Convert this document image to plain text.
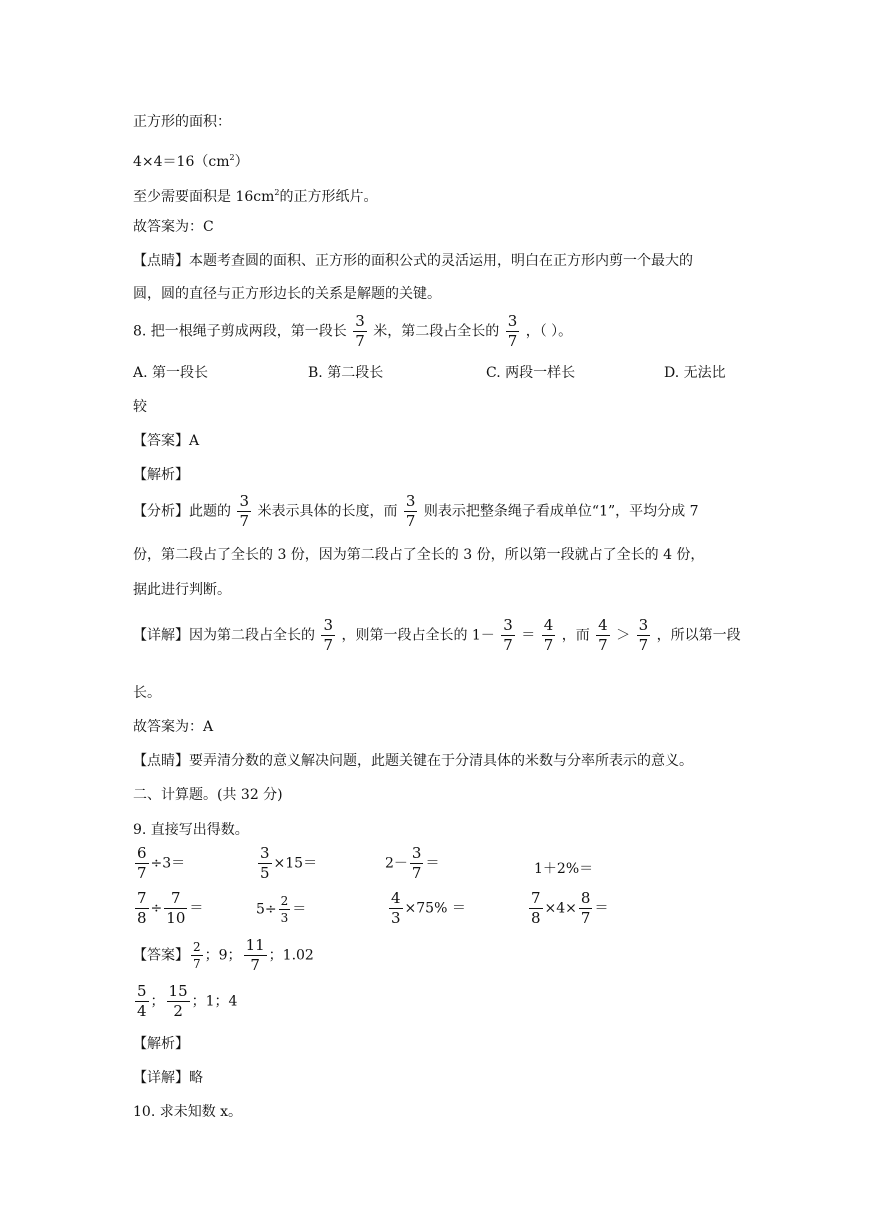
正方形的面积：
$4\times 4=16(cm^2)$
至少需要面积是 $16cm^2$的正方形纸片。
故答案为：C
【点睛】本题考查圆的面积、正方形的面积公式的灵活运用，明白在正方形内剪一个最大的
圆，圆的直径与正方形边长的关系是解题的关键。
8. 把一根绳子剪成两段，第一段长 $\frac{3}{7}$ 米，第二段占全长的 $\frac{3}{7}$ ，（ ）。
A. 第一段长	B. 第二段长	C. 两段一样长	D. 无法比
较
【答案】A
【解析】
【分析】此题的 $\frac{3}{7}$ 米表示具体的长度，而 $\frac{3}{7}$ 则表示把整条绳子看成单位“1”，平均分成 7
份，第二段占了全长的 3 份，因为第二段占了全长的 3 份，所以第一段就占了全长的 4 份，
据此进行判断。
【详解】因为第二段占全长的 $\frac{3}{7}$ ，则第一段占全长的 $1- \frac{3}{7} = \frac{4}{7}$ ，而 $\frac{4}{7} > \frac{3}{7}$ ，所以第一段
长。
故答案为：A
【点睛】要弄清分数的意义解决问题，此题关键在于分清具体的米数与分率所表示的意义。
二、计算题。(共 32 分)
9. 直接写出得数。
$\frac{6}{7} \div 3=$	$\frac{3}{5} \times 15=$	$2- \frac{3}{7}$ ＝	1＋2%＝
$\frac{7}{8} \div \frac{7}{10}$ ＝	$5\div \frac{2}{3}$ ＝	$\frac{4}{3} \times 75\%$ ＝	$\frac{7}{8} \times 4\times \frac{8}{7}$ ＝
【答案】 $\frac{2}{7}$ ；9； $\frac{11}{7}$ ；1.02
$\frac{5}{4}$ ； $\frac{15}{2}$ ；1；4
【解析】
【详解】略
10. 求未知数 x。
